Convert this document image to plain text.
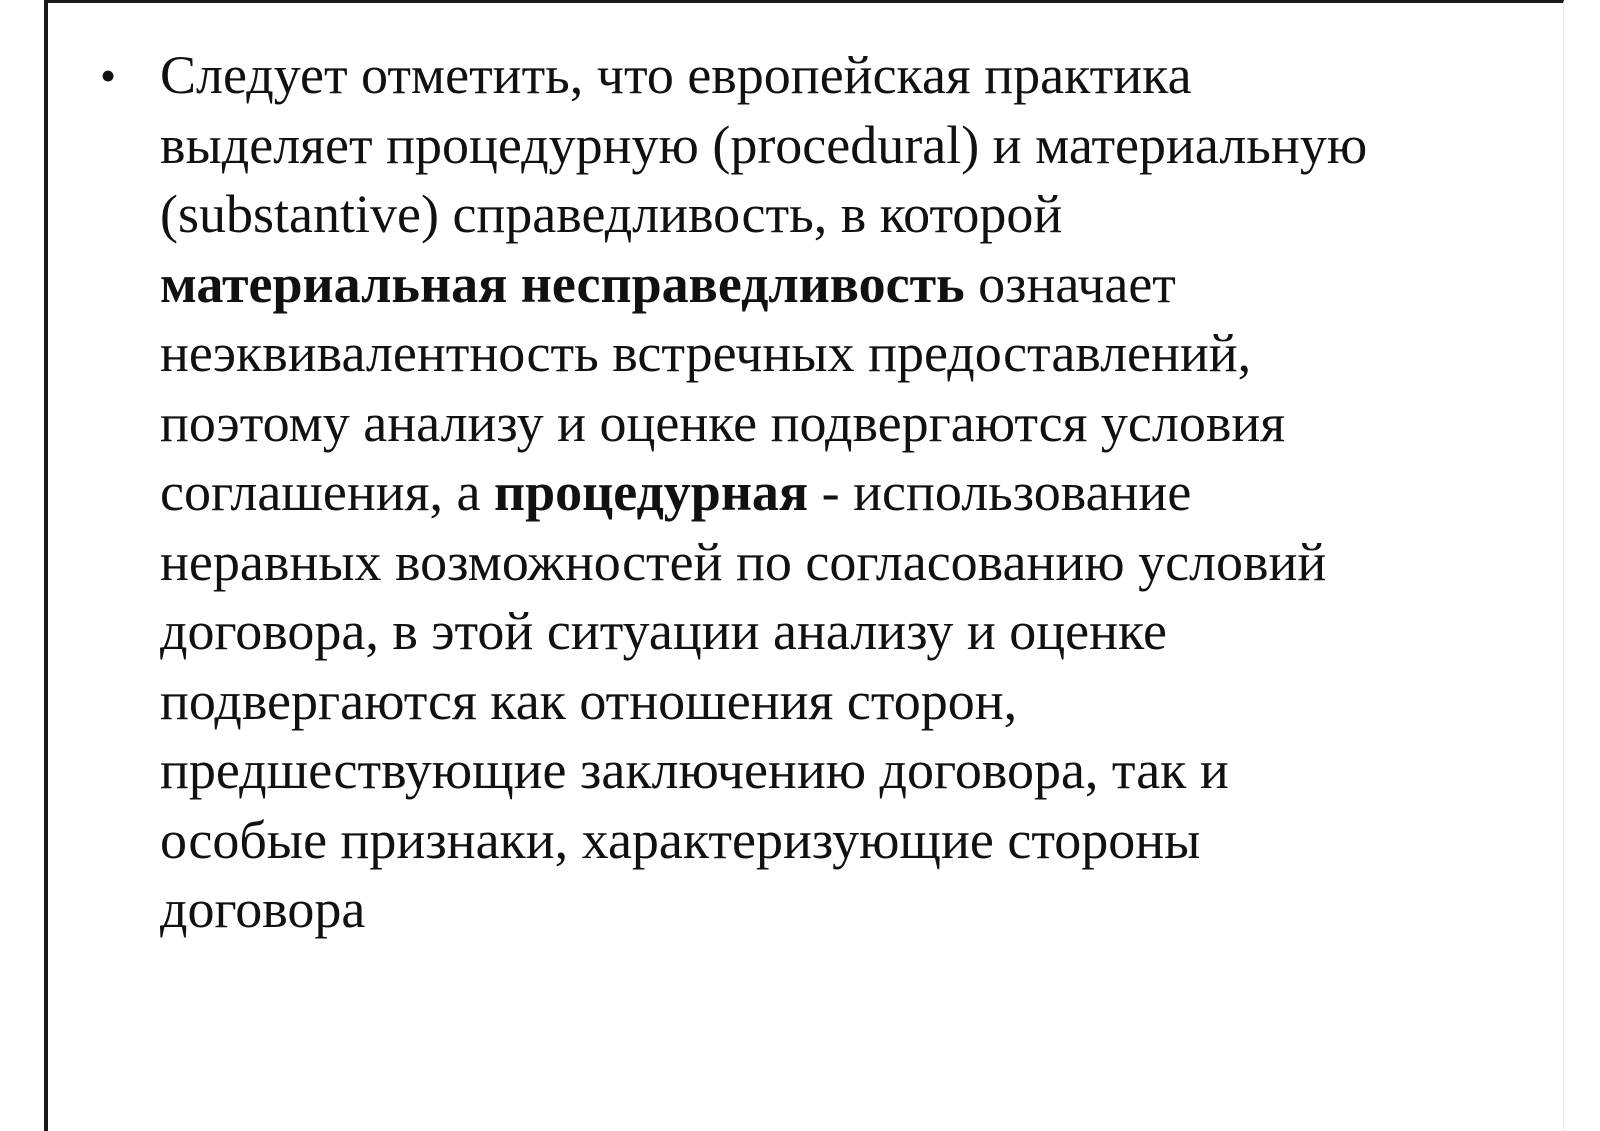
• Следует отметить, что европейская практика
выделяет процедурную (procedural) и материальную
(substantive) справедливость, в которой
материальная несправедливость означает
неэквивалентность встречных предоставлений,
поэтому анализу и оценке подвергаются условия
соглашения, а процедурная - использование
неравных возможностей по согласованию условий
договора, в этой ситуации анализу и оценке
подвергаются как отношения сторон,
предшествующие заключению договора, так и
особые признаки, характеризующие стороны
договора
